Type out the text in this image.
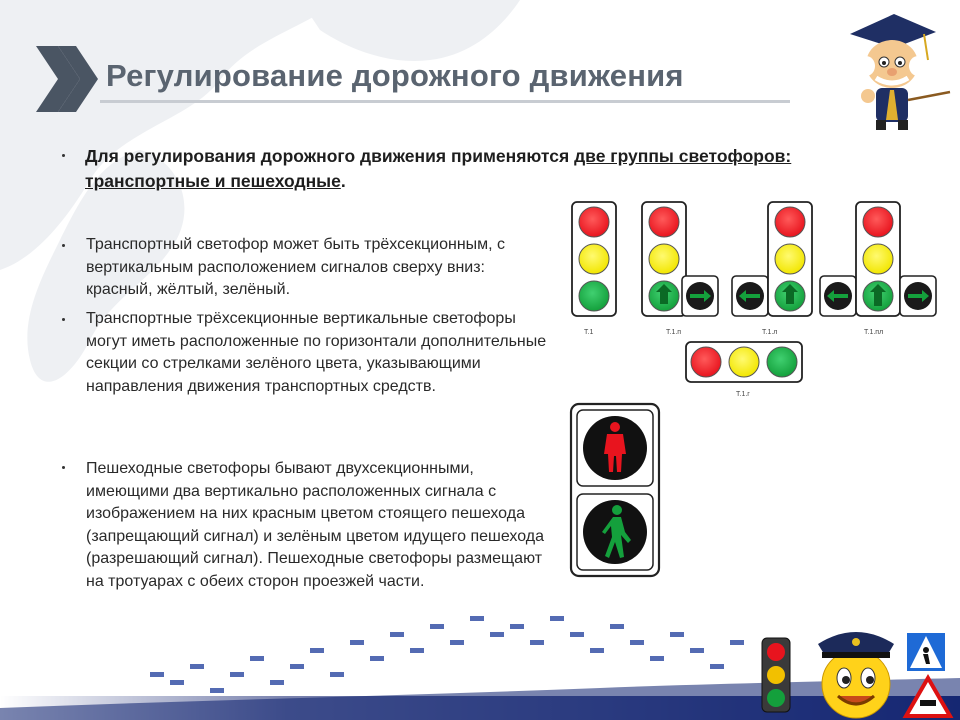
Регулирование дорожного движения
Для регулирования дорожного движения применяются две группы светофоров: транспортные и пешеходные.
Транспортный светофор может быть трёхсекционным, с вертикальным расположением сигналов сверху вниз: красный, жёлтый, зелёный.
Транспортные трёхсекционные вертикальные светофоры могут иметь расположенные по горизонтали дополнительные секции со стрелками зелёного цвета, указывающими направления движения транспортных средств.
Пешеходные светофоры бывают двухсекционными, имеющими два вертикально расположенных сигнала с изображением на них красным цветом стоящего пешехода (запрещающий сигнал) и зелёным цветом идущего пешехода (разрешающий сигнал). Пешеходные светофоры размещают на тротуарах с обеих сторон проезжей части.
Т.1	Т.1.п	Т.1.л	Т.1.пл
Т.1.г
